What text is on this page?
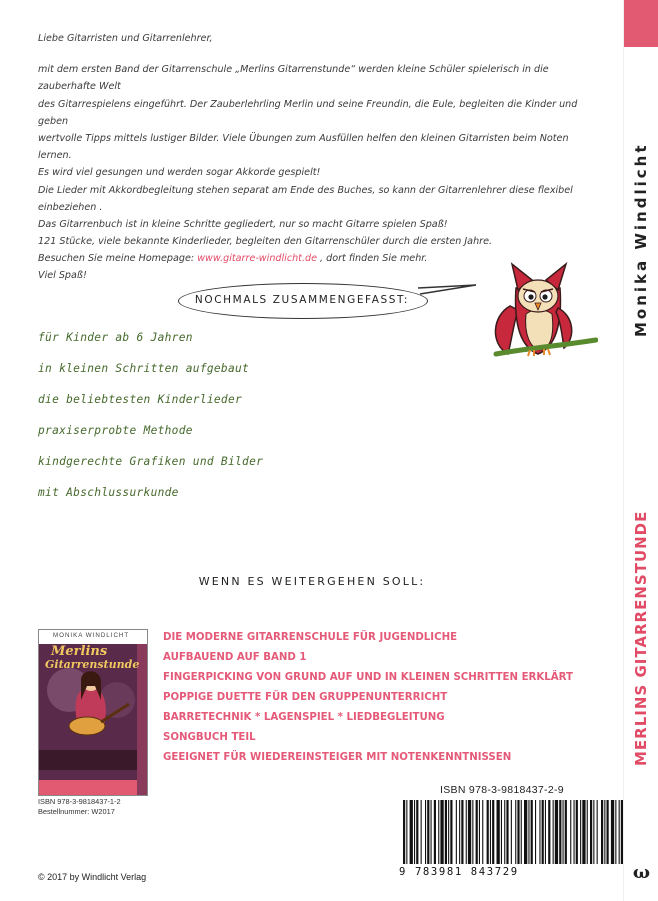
Monika Windlicht
MERLINS GITARRENSTUNDE
ω

Liebe Gitarristen und Gitarrenlehrer,

mit dem ersten Band der Gitarrenschule „Merlins Gitarrenstunde“ werden kleine Schüler spielerisch in die zauberhafte Welt

des Gitarrespielens eingeführt. Der Zauberlehrling Merlin und seine Freundin, die Eule, begleiten die Kinder und geben

wertvolle Tipps mittels lustiger Bilder. Viele Übungen zum Ausfüllen helfen den kleinen Gitarristen beim Noten lernen.

Es wird viel gesungen und werden sogar Akkorde gespielt!

Die Lieder mit Akkordbegleitung stehen separat am Ende des Buches, so kann der Gitarrenlehrer diese flexibel einbeziehen .

Das Gitarrenbuch ist in kleine Schritte gegliedert, nur so macht Gitarre spielen Spaß!

121 Stücke, viele bekannte Kinderlieder, begleiten den Gitarrenschüler durch die ersten Jahre.

Besuchen Sie meine Homepage: www.gitarre-windlicht.de , dort finden Sie mehr.

Viel Spaß!
NOCHMALS ZUSAMMENGEFASST:
für Kinder ab 6 Jahren
in kleinen Schritten aufgebaut
die beliebtesten Kinderlieder
praxiserprobte Methode
kindgerechte Grafiken und Bilder
mit Abschlussurkunde
WENN ES WEITERGEHEN SOLL:
MONIKA WINDLICHT
Merlins
Gitarrenstunde
ISBN 978-3-9818437-1-2
Bestellnummer: W2017
DIE MODERNE GITARRENSCHULE FÜR JUGENDLICHE
AUFBAUEND AUF BAND 1
FINGERPICKING VON GRUND AUF UND IN KLEINEN SCHRITTEN ERKLÄRT
POPPIGE DUETTE FÜR DEN GRUPPENUNTERRICHT
BARRETECHNIK * LAGENSPIEL * LIEDBEGLEITUNG
SONGBUCH TEIL
GEEIGNET FÜR WIEDEREINSTEIGER MIT NOTENKENNTNISSEN
ISBN 978-3-9818437-2-9
9 783981 843729
© 2017 by Windlicht Verlag
